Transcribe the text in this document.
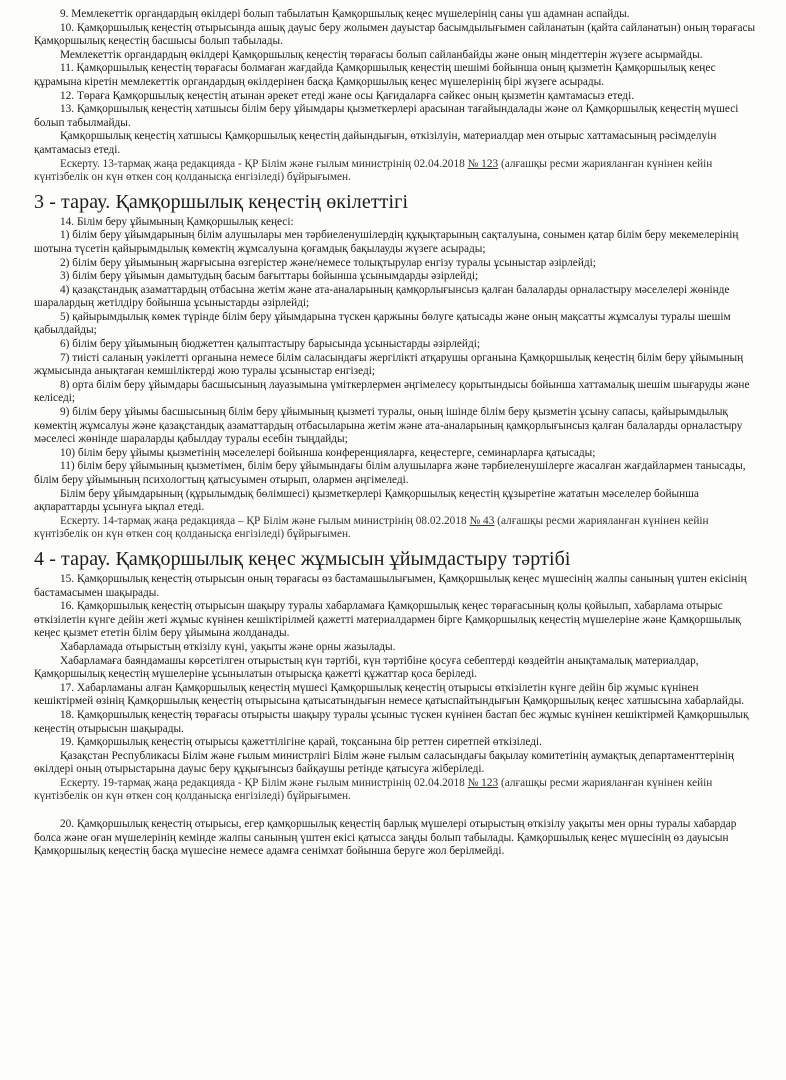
9. Мемлекеттік органдардың өкілдері болып табылатын Қамқоршылық кеңес мүшелерінің саны үш адамнан аспайды.

10. Қамқоршылық кеңестің отырысында ашық дауыс беру жолымен дауыстар басымдылығымен сайланатын (қайта сайланатын) оның төрағасы Қамқоршылық кеңестің басшысы болып табылады.

Мемлекеттік органдардың өкілдері Қамқоршылық кеңестің төрағасы болып сайланбайды және оның міндеттерін жүзеге асырмайды.

11. Қамқоршылық кеңестің төрағасы болмаған жағдайда Қамқоршылық кеңестің шешімі бойынша оның қызметін Қамқоршылық кеңес құрамына кіретін мемлекеттік органдардың өкілдерінен басқа Қамқоршылық кеңес мүшелерінің бірі жүзеге асырады.

12. Төраға Қамқоршылық кеңестің атынан әрекет етеді және осы Қағидаларға сәйкес оның қызметін қамтамасыз етеді.

13. Қамқоршылық кеңестің хатшысы білім беру ұйымдары қызметкерлері арасынан тағайындалады және ол Қамқоршылық кеңестің мүшесі болып табылмайды.

Қамқоршылық кеңестің хатшысы Қамқоршылық кеңестің дайындығын, өткізілуін, материалдар мен отырыс хаттамасының рәсімделуін қамтамасыз етеді.

Ескерту. 13-тармақ жаңа редакцияда - ҚР Білім және ғылым министрінің 02.04.2018 № 123 (алғашқы ресми жарияланған күнінен кейін күнтізбелік он күн өткен соң қолданысқа енгізіледі) бұйрығымен.

3 - тарау. Қамқоршылық кеңестің өкілеттігі

14. Білім беру ұйымының Қамқоршылық кеңесі:

1) білім беру ұйымдарының білім алушылары мен тәрбиеленушілердің құқықтарының сақталуына, сонымен қатар білім беру мекемелерінің шотына түсетін қайырымдылық көмектің жұмсалуына қоғамдық бақылауды жүзеге асырады;

2) білім беру ұйымының жарғысына өзгерістер және/немесе толықтырулар енгізу туралы ұсыныстар әзірлейді;

3) білім беру ұйымын дамытудың басым бағыттары бойынша ұсынымдарды әзірлейді;

4) қазақстандық азаматтардың отбасына жетім және ата-аналарының қамқорлығынсыз қалған балаларды орналастыру мәселелері жөнінде шаралардың жетілдіру бойынша ұсыныстарды әзірлейді;

5) қайырымдылық көмек түрінде білім беру ұйымдарына түскен қаржыны бөлуге қатысады және оның мақсатты жұмсалуы туралы шешім қабылдайды;

6) білім беру ұйымының бюджеттен қалыптастыру барысында ұсыныстарды әзірлейді;

7) тиісті саланың уәкілетті органына немесе білім саласындағы жергілікті атқарушы органына Қамқоршылық кеңестің білім беру ұйымының жұмысында анықтаған кемшіліктерді жою туралы ұсыныстар енгізеді;

8) орта білім беру ұйымдары басшысының лауазымына үміткерлермен әңгімелесу қорытындысы бойынша хаттамалық шешім шығаруды және келіседі;

9) білім беру ұйымы басшысының білім беру ұйымының қызметі туралы, оның ішінде білім беру қызметін ұсыну сапасы, қайырымдылық көмектің жұмсалуы және қазақстандық азаматтардың отбасыларына жетім және ата-аналарының қамқорлығынсыз қалған балаларды орналастыру мәселесі жөнінде шараларды қабылдау туралы есебін тыңдайды;

10) білім беру ұйымы қызметінің мәселелері бойынша конференцияларға, кеңестерге, семинарларға қатысады;

11) білім беру ұйымының қызметімен, білім беру ұйымындағы білім алушыларға және тәрбиеленушілерге жасалған жағдайлармен танысады, білім беру ұйымының психологтың қатысуымен отырып, олармен әңгімеледі.

Білім беру ұйымдарының (құрылымдық бөлімшесі) қызметкерлері Қамқоршылық кеңестің құзыретіне жататын мәселелер бойынша ақпараттарды ұсынуға ықпал етеді.

Ескерту. 14-тармақ жаңа редакцияда – ҚР Білім және ғылым министрінің 08.02.2018 № 43 (алғашқы ресми жарияланған күнінен кейін күнтізбелік он күн өткен соң қолданысқа енгізіледі) бұйрығымен.

4 - тарау. Қамқоршылық кеңес жұмысын ұйымдастыру тәртібі

15. Қамқоршылық кеңестің отырысын оның төрағасы өз бастамашылығымен, Қамқоршылық кеңес мүшесінің жалпы санының үштен екісінің бастамасымен шақырады.

16. Қамқоршылық кеңестің отырысын шақыру туралы хабарламаға Қамқоршылық кеңес төрағасының қолы қойылып, хабарлама отырыс өткізілетін күнге дейін жеті жұмыс күнінен кешіктірілмей қажетті материалдармен бірге Қамқоршылық кеңестің мүшелеріне және Қамқоршылық кеңес қызмет ететін білім беру ұйымына жолданады.

Хабарламада отырыстың өткізілу күні, уақыты және орны жазылады.

Хабарламаға баяндамашы көрсетілген отырыстың күн тәртібі, күн тәртібіне қосуға себептерді көздейтін анықтамалық материалдар, Қамқоршылық кеңестің мүшелеріне ұсынылатын отырысқа қажетті құжаттар қоса беріледі.

17. Хабарламаны алған Қамқоршылық кеңестің мүшесі Қамқоршылық кеңестің отырысы өткізілетін күнге дейін бір жұмыс күнінен кешіктірмей өзінің Қамқоршылық кеңестің отырысына қатысатындығын немесе қатыспайтындығын Қамқоршылық кеңес хатшысына хабарлайды.

18. Қамқоршылық кеңестің төрағасы отырысты шақыру туралы ұсыныс түскен күнінен бастап бес жұмыс күнінен кешіктірмей Қамқоршылық кеңестің отырысын шақырады.

19. Қамқоршылық кеңестің отырысы қажеттілігіне қарай, тоқсанына бір реттен сиретпей өткізіледі.

Қазақстан Республикасы Білім және ғылым министрлігі Білім және ғылым саласындағы бақылау комитетінің аумақтық департаменттерінің өкілдері оның отырыстарына дауыс беру құқығынсыз байқаушы ретінде қатысуға жіберіледі.

Ескерту. 19-тармақ жаңа редакцияда - ҚР Білім және ғылым министрінің 02.04.2018 № 123 (алғашқы ресми жарияланған күнінен кейін күнтізбелік он күн өткен соң қолданысқа енгізіледі) бұйрығымен.

20. Қамқоршылық кеңестің отырысы, егер қамқоршылық кеңестің барлық мүшелері отырыстың өткізілу уақыты мен орны туралы хабардар болса және оған мүшелерінің кемінде жалпы санының үштен екісі қатысса заңды болып табылады. Қамқоршылық кеңес мүшесінің өз дауысын Қамқоршылық кеңестің басқа мүшесіне немесе адамға сенімхат бойынша беруге жол берілмейді.
